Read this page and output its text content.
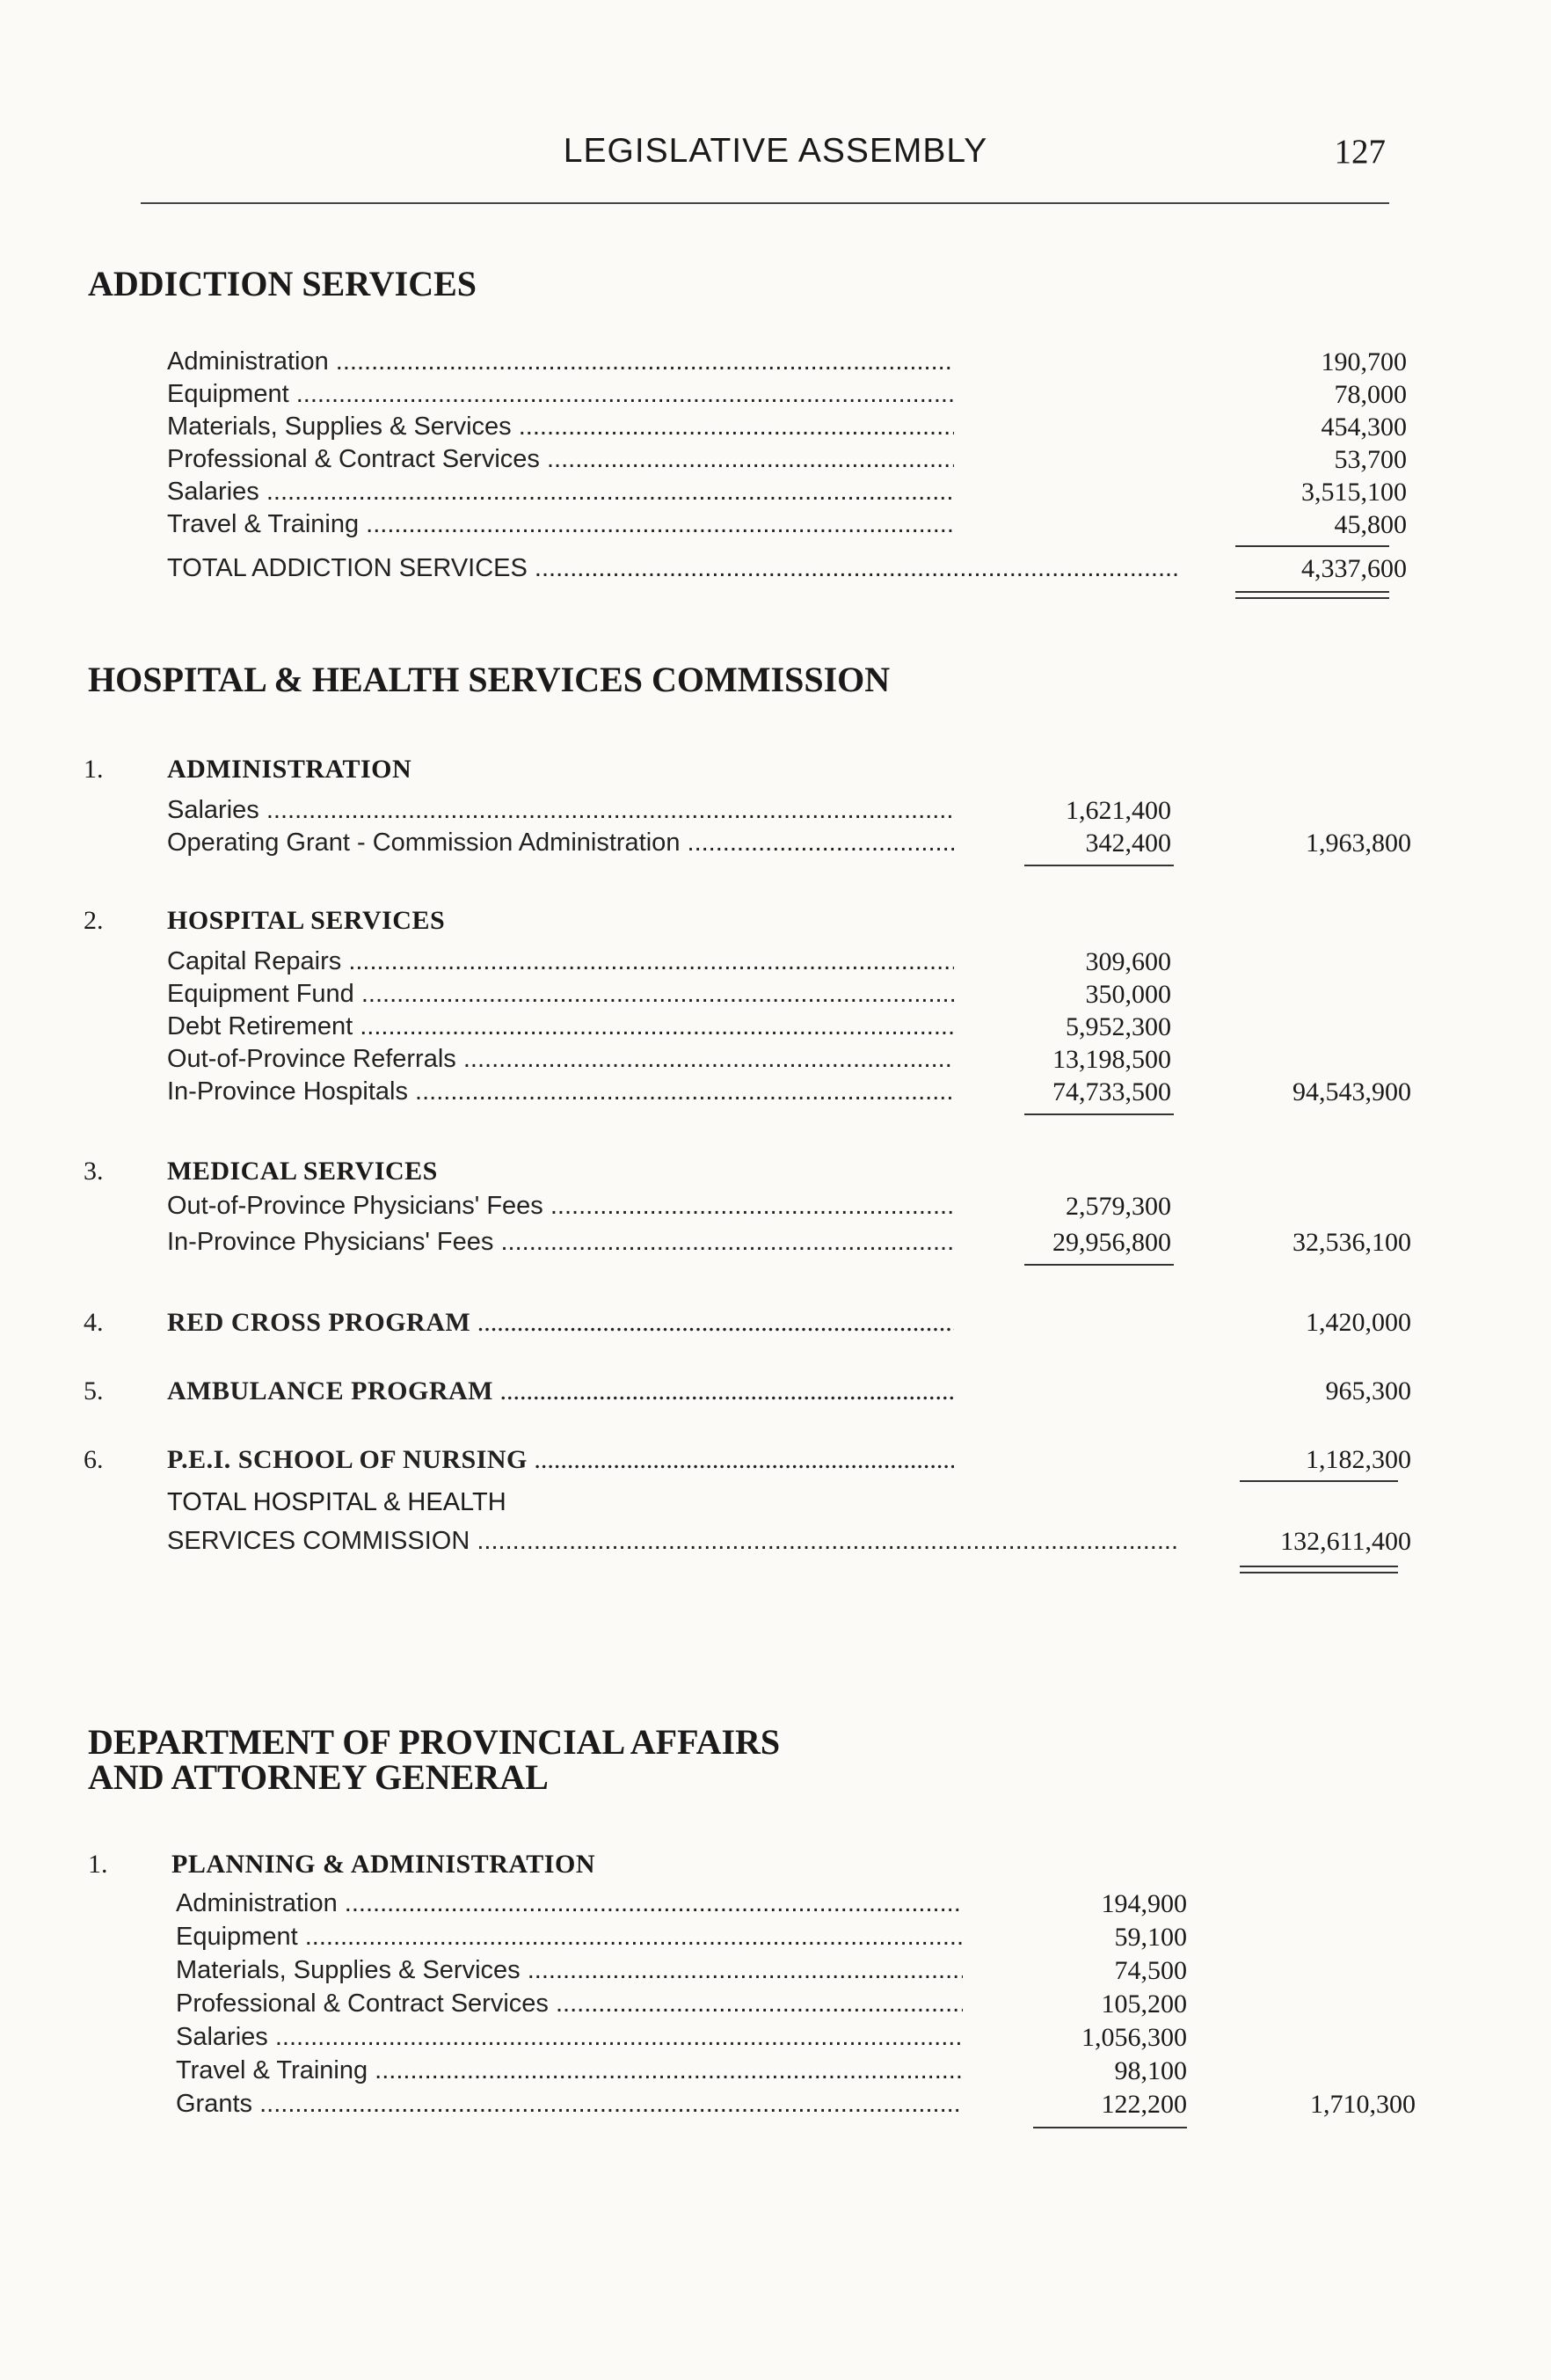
LEGISLATIVE ASSEMBLY	127
ADDICTION SERVICES
Administration .....	190,700
Equipment .....	78,000
Materials, Supplies & Services .....	454,300
Professional & Contract Services .....	53,700
Salaries .....	3,515,100
Travel & Training .....	45,800
TOTAL ADDICTION SERVICES .....	4,337,600
HOSPITAL & HEALTH SERVICES COMMISSION
1. ADMINISTRATION
Salaries .....	1,621,400
Operating Grant - Commission Administration .....	342,400	1,963,800
2. HOSPITAL SERVICES
Capital Repairs .....	309,600
Equipment Fund .....	350,000
Debt Retirement .....	5,952,300
Out-of-Province Referrals .....	13,198,500
In-Province Hospitals .....	74,733,500	94,543,900
3. MEDICAL SERVICES
Out-of-Province Physicians' Fees .....	2,579,300
In-Province Physicians' Fees .....	29,956,800	32,536,100
4. RED CROSS PROGRAM .....	1,420,000
5. AMBULANCE PROGRAM .....	965,300
6. P.E.I. SCHOOL OF NURSING .....	1,182,300
TOTAL HOSPITAL & HEALTH
SERVICES COMMISSION .....	132,611,400
DEPARTMENT OF PROVINCIAL AFFAIRS
AND ATTORNEY GENERAL
1. PLANNING & ADMINISTRATION
Administration .....	194,900
Equipment .....	59,100
Materials, Supplies & Services .....	74,500
Professional & Contract Services .....	105,200
Salaries .....	1,056,300
Travel & Training .....	98,100
Grants .....	122,200	1,710,300
